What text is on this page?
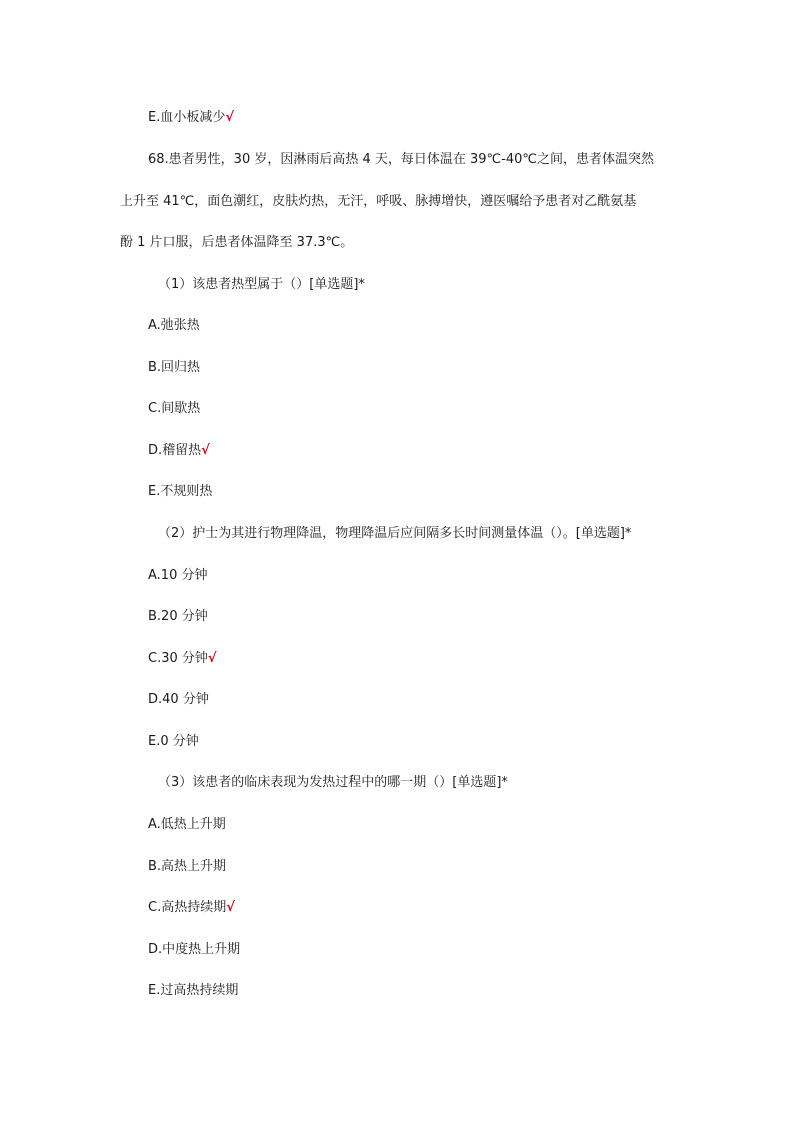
E.血小板减少√
68.患者男性，30 岁，因淋雨后高热 4 天，每日体温在 39℃-40℃之间，患者体温突然
上升至 41℃，面色潮红，皮肤灼热，无汗，呼吸、脉搏增快，遵医嘱给予患者对乙酰氨基
酚 1 片口服，后患者体温降至 37.3℃。
（1）该患者热型属于（）[单选题]*
A.弛张热
B.回归热
C.间歇热
D.稽留热√
E.不规则热
（2）护士为其进行物理降温，物理降温后应间隔多长时间测量体温（）。[单选题]*
A.10 分钟
B.20 分钟
C.30 分钟√
D.40 分钟
E.0 分钟
（3）该患者的临床表现为发热过程中的哪一期（）[单选题]*
A.低热上升期
B.高热上升期
C.高热持续期√
D.中度热上升期
E.过高热持续期
